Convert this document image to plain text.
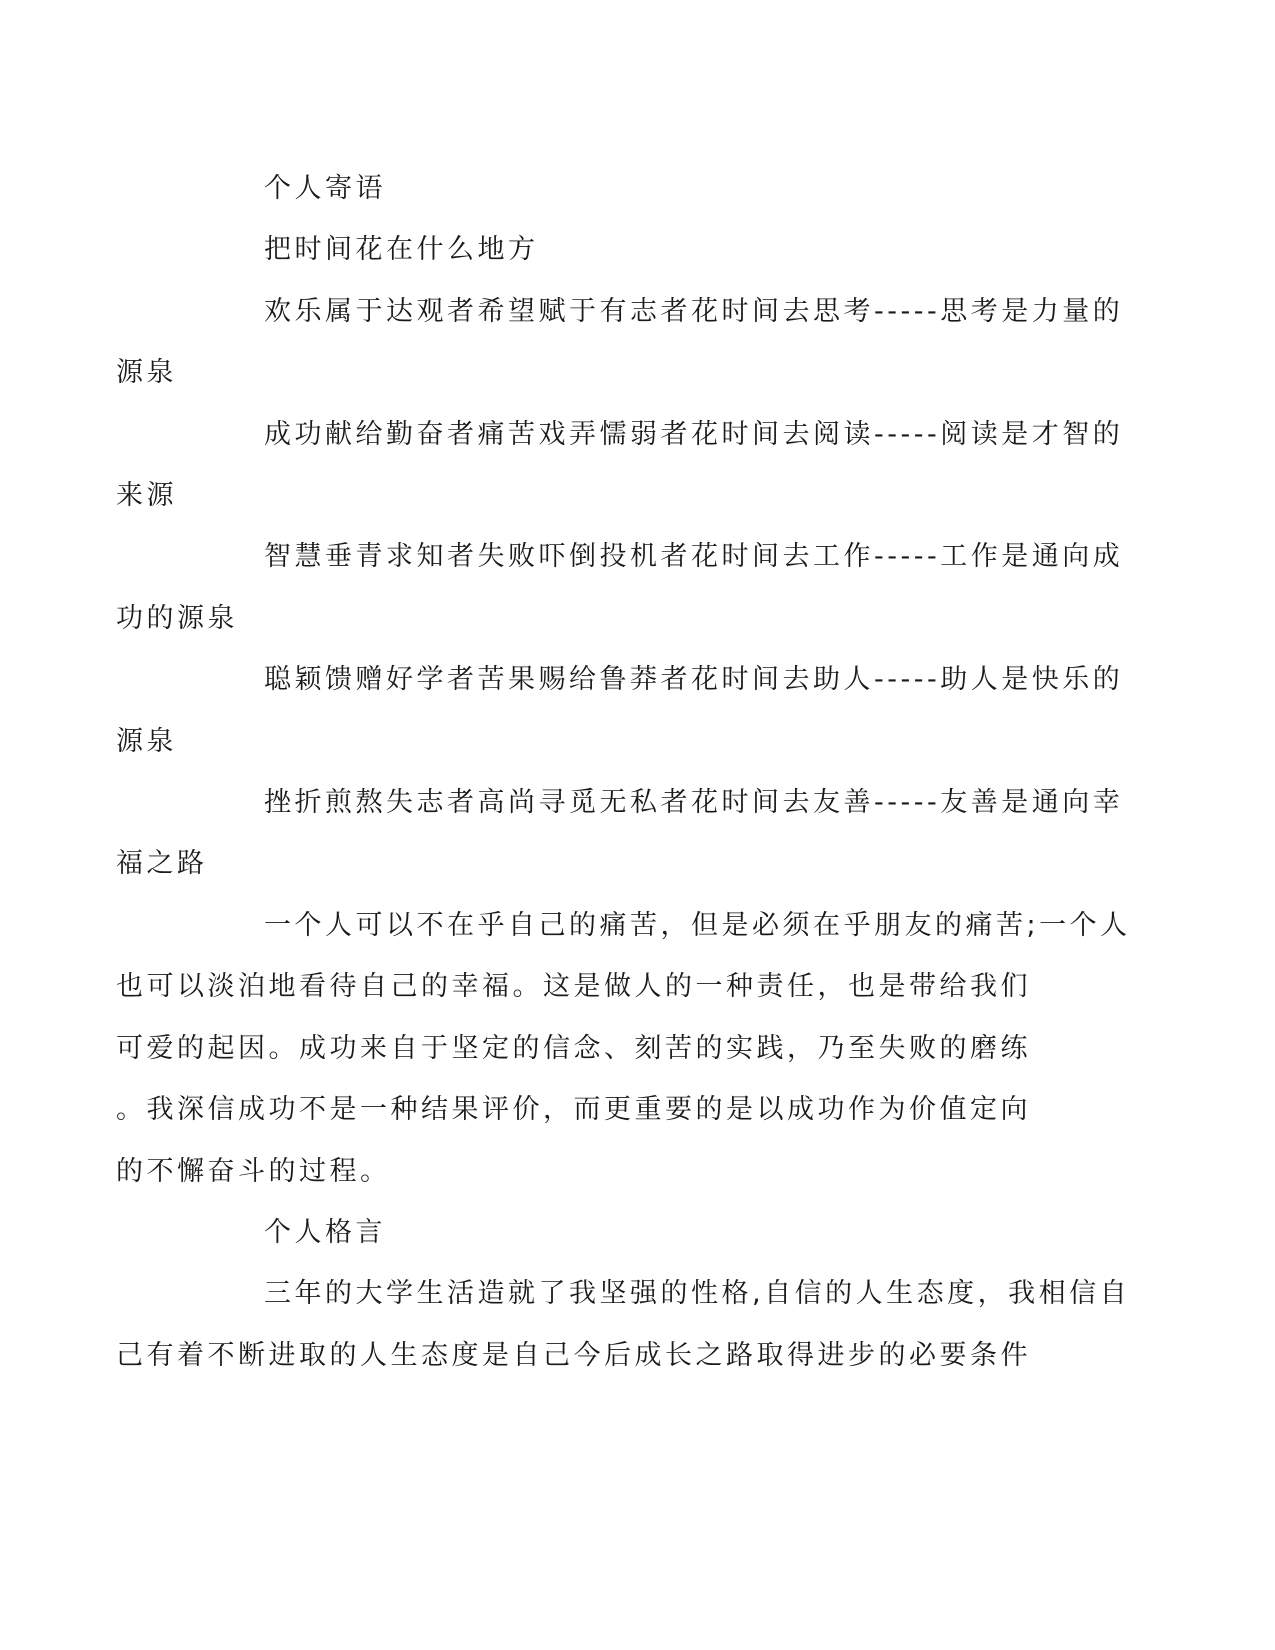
个人寄语

把时间花在什么地方

欢乐属于达观者希望赋于有志者花时间去思考-----思考是力量的
源泉

成功献给勤奋者痛苦戏弄懦弱者花时间去阅读-----阅读是才智的
来源

智慧垂青求知者失败吓倒投机者花时间去工作-----工作是通向成
功的源泉

聪颖馈赠好学者苦果赐给鲁莽者花时间去助人-----助人是快乐的
源泉

挫折煎熬失志者高尚寻觅无私者花时间去友善-----友善是通向幸
福之路

一个人可以不在乎自己的痛苦，但是必须在乎朋友的痛苦;一个人
也可以淡泊地看待自己的幸福。这是做人的一种责任，也是带给我们
可爱的起因。成功来自于坚定的信念、刻苦的实践，乃至失败的磨练
。我深信成功不是一种结果评价，而更重要的是以成功作为价值定向
的不懈奋斗的过程。

个人格言

三年的大学生活造就了我坚强的性格,自信的人生态度，我相信自
己有着不断进取的人生态度是自己今后成长之路取得进步的必要条件
